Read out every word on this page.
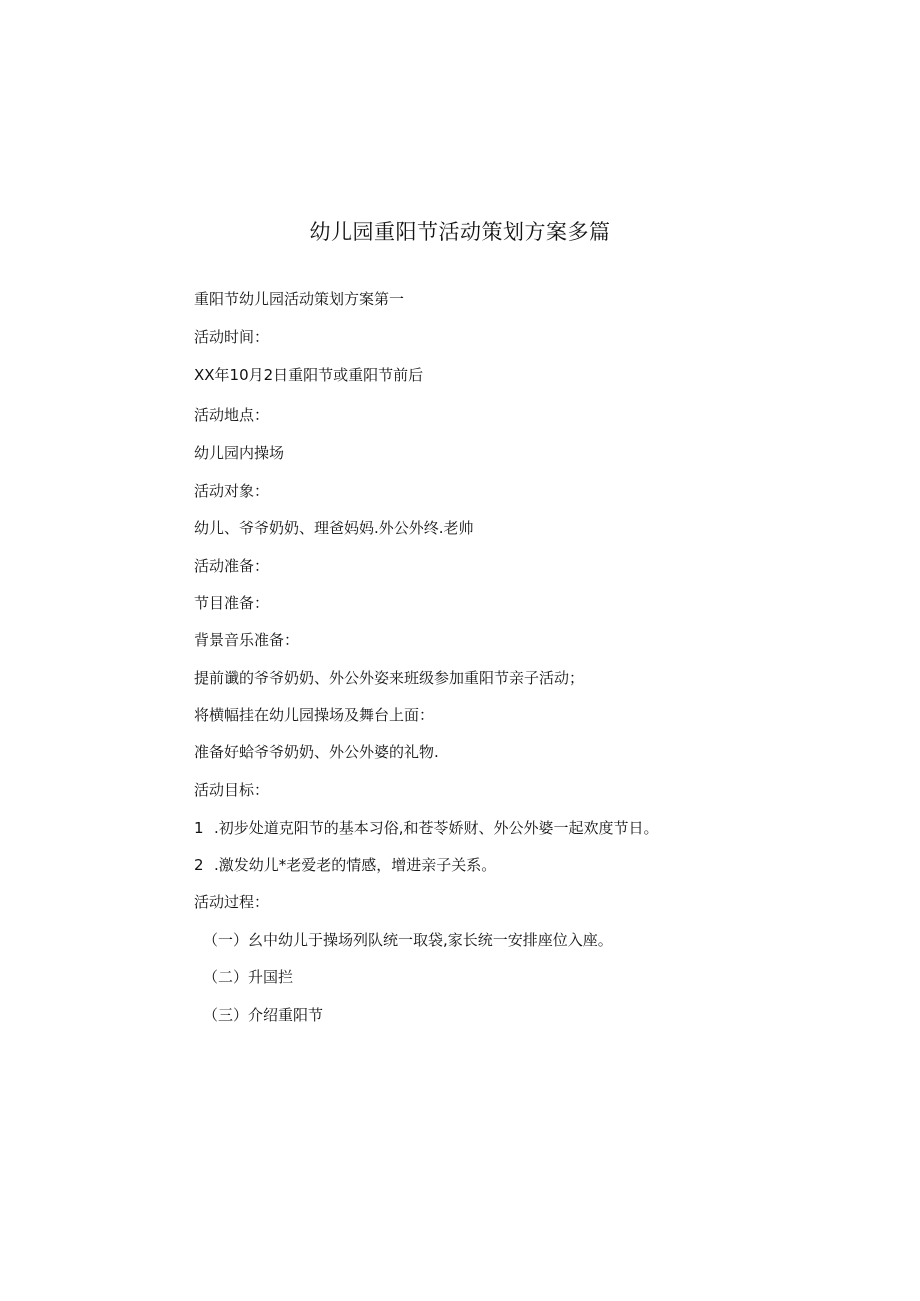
幼儿园重阳节活动策划方案多篇
重阳节幼儿园活动策划方案第一
活动时间：
XX年10月2日重阳节或重阳节前后
活动地点：
幼儿园内操场
活动对象：
幼儿、爷爷奶奶、理爸妈妈.外公外终.老帅
活动准备：
节目准备：
背景音乐准备：
提前谶的爷爷奶奶、外公外姿来班级参加重阳节亲子活动；
将横幅挂在幼儿园操场及舞台上面：
准备好蛤爷爷奶奶、外公外婆的礼物.
活动目标：
1 .初步处道克阳节的基本习俗,和苍苓娇财、外公外婆一起欢度节日。
2 .激发幼儿*老爱老的情感，增进亲子关系。
活动过程：
（一）幺中幼儿于操场列队统一取袋,家长统一安排座位入座。
（二）升国拦
（三）介绍重阳节
